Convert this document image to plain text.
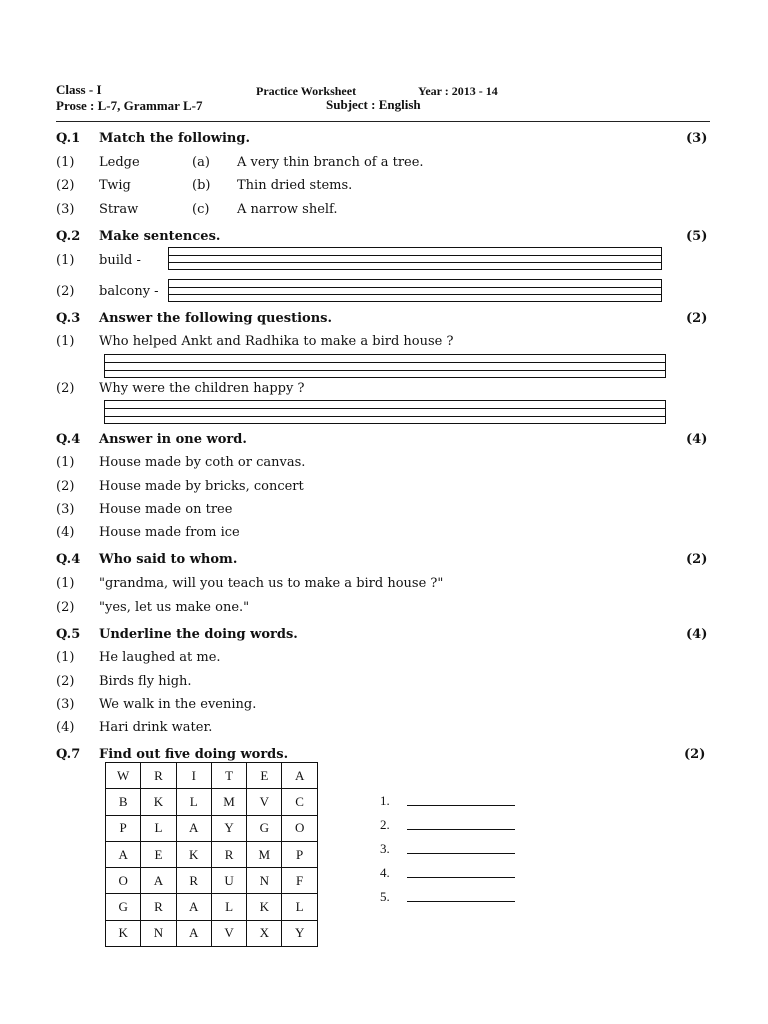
Class - I
Prose : L-7, Grammar L-7
Practice Worksheet	Year : 2013 - 14
Subject : English
Q.1 Match the following.	(3)
(1) Ledge	(a) A very thin branch of a tree.
(2) Twig	(b) Thin dried stems.
(3) Straw	(c) A narrow shelf.
Q.2 Make sentences.	(5)
(1) build -
(2) balcony -
Q.3 Answer the following questions.	(2)
(1) Who helped Ankt and Radhika to make a bird house ?
(2) Why were the children happy ?
Q.4 Answer in one word.	(4)
(1) House made by coth or canvas.
(2) House made by bricks, concert
(3) House made on tree
(4) House made from ice
Q.4 Who said to whom.	(2)
(1) "grandma, will you teach us to make a bird house ?"
(2) "yes, let us make one."
Q.5 Underline the doing words.	(4)
(1) He laughed at me.
(2) Birds fly high.
(3) We walk in the evening.
(4) Hari drink water.
Q.7 Find out five doing words.	(2)
W	R	I	T	E	A
B	K	L	M	V	C
P	L	A	Y	G	O
A	E	K	R	M	P
O	A	R	U	N	F
G	R	A	L	K	L
K	N	A	V	X	Y
1.
2.
3.
4.
5.
